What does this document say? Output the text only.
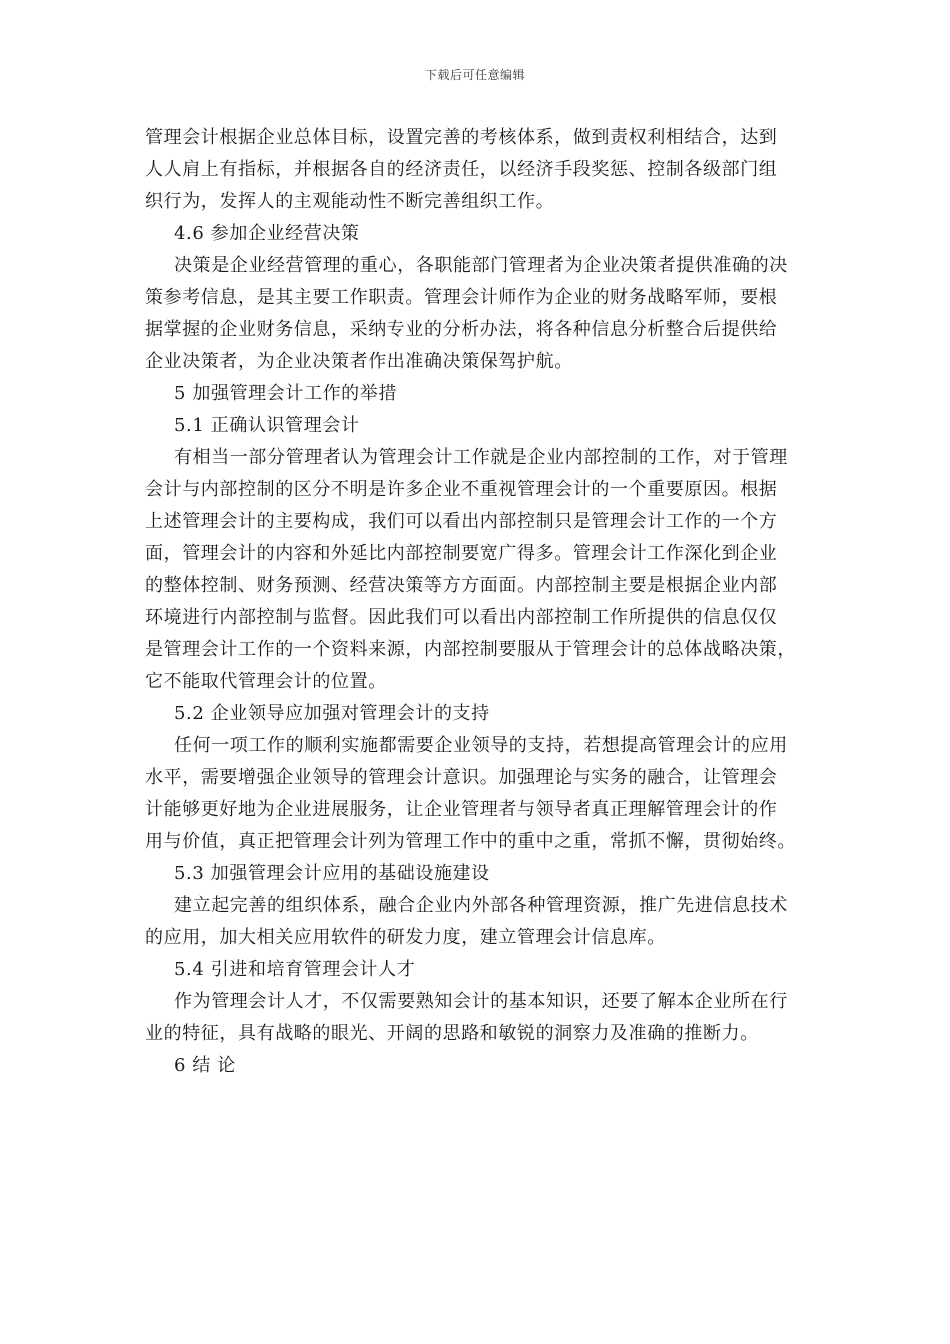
下载后可任意编辑
管理会计根据企业总体目标，设置完善的考核体系，做到责权利相结合，达到
人人肩上有指标，并根据各自的经济责任，以经济手段奖惩、控制各级部门组
织行为，发挥人的主观能动性不断完善组织工作。
4.6 参加企业经营决策
决策是企业经营管理的重心，各职能部门管理者为企业决策者提供准确的决
策参考信息，是其主要工作职责。管理会计师作为企业的财务战略军师，要根
据掌握的企业财务信息，采纳专业的分析办法，将各种信息分析整合后提供给
企业决策者，为企业决策者作出准确决策保驾护航。
5 加强管理会计工作的举措
5.1 正确认识管理会计
有相当一部分管理者认为管理会计工作就是企业内部控制的工作，对于管理
会计与内部控制的区分不明是许多企业不重视管理会计的一个重要原因。根据
上述管理会计的主要构成，我们可以看出内部控制只是管理会计工作的一个方
面，管理会计的内容和外延比内部控制要宽广得多。管理会计工作深化到企业
的整体控制、财务预测、经营决策等方方面面。内部控制主要是根据企业内部
环境进行内部控制与监督。因此我们可以看出内部控制工作所提供的信息仅仅
是管理会计工作的一个资料来源，内部控制要服从于管理会计的总体战略决策，
它不能取代管理会计的位置。
5.2 企业领导应加强对管理会计的支持
任何一项工作的顺利实施都需要企业领导的支持，若想提高管理会计的应用
水平，需要增强企业领导的管理会计意识。加强理论与实务的融合，让管理会
计能够更好地为企业进展服务，让企业管理者与领导者真正理解管理会计的作
用与价值，真正把管理会计列为管理工作中的重中之重，常抓不懈，贯彻始终。
5.3 加强管理会计应用的基础设施建设
建立起完善的组织体系，融合企业内外部各种管理资源，推广先进信息技术
的应用，加大相关应用软件的研发力度，建立管理会计信息库。
5.4 引进和培育管理会计人才
作为管理会计人才，不仅需要熟知会计的基本知识，还要了解本企业所在行
业的特征，具有战略的眼光、开阔的思路和敏锐的洞察力及准确的推断力。
6 结 论
